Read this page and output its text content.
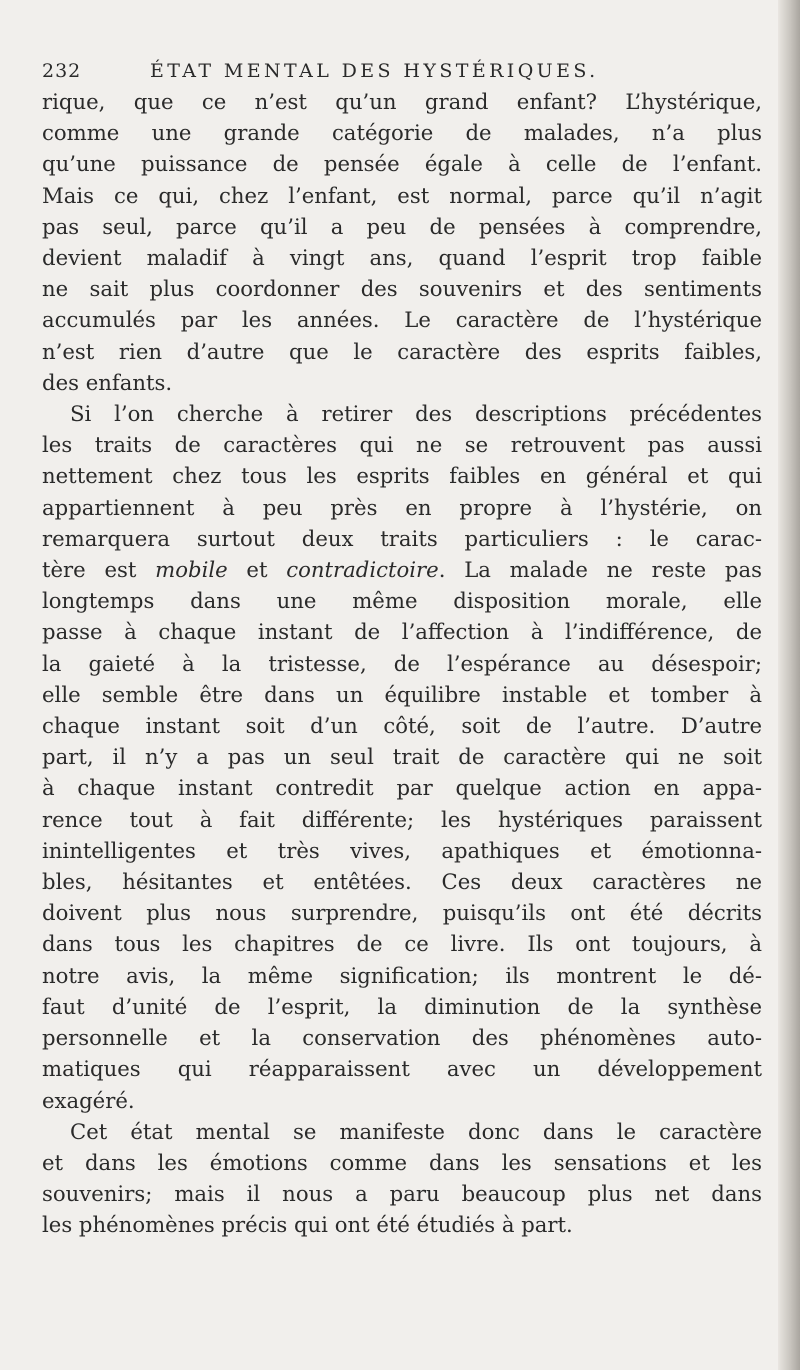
232	ÉTAT MENTAL DES HYSTÉRIQUES.
rique, que ce n’est qu’un grand enfant? L’hystérique,
comme une grande catégorie de malades, n’a plus
qu’une puissance de pensée égale à celle de l’enfant.
Mais ce qui, chez l’enfant, est normal, parce qu’il n’agit
pas seul, parce qu’il a peu de pensées à comprendre,
devient maladif à vingt ans, quand l’esprit trop faible
ne sait plus coordonner des souvenirs et des sentiments
accumulés par les années. Le caractère de l’hystérique
n’est rien d’autre que le caractère des esprits faibles,
des enfants.
Si l’on cherche à retirer des descriptions précédentes
les traits de caractères qui ne se retrouvent pas aussi
nettement chez tous les esprits faibles en général et qui
appartiennent à peu près en propre à l’hystérie, on
remarquera surtout deux traits particuliers : le carac-
tère est mobile et contradictoire. La malade ne reste pas
longtemps dans une même disposition morale, elle
passe à chaque instant de l’affection à l’indifférence, de
la gaieté à la tristesse, de l’espérance au désespoir;
elle semble être dans un équilibre instable et tomber à
chaque instant soit d’un côté, soit de l’autre. D’autre
part, il n’y a pas un seul trait de caractère qui ne soit
à chaque instant contredit par quelque action en appa-
rence tout à fait différente; les hystériques paraissent
inintelligentes et très vives, apathiques et émotionna-
bles, hésitantes et entêtées. Ces deux caractères ne
doivent plus nous surprendre, puisqu’ils ont été décrits
dans tous les chapitres de ce livre. Ils ont toujours, à
notre avis, la même signification; ils montrent le dé-
faut d’unité de l’esprit, la diminution de la synthèse
personnelle et la conservation des phénomènes auto-
matiques qui réapparaissent avec un développement
exagéré.
Cet état mental se manifeste donc dans le caractère
et dans les émotions comme dans les sensations et les
souvenirs; mais il nous a paru beaucoup plus net dans
les phénomènes précis qui ont été étudiés à part.
